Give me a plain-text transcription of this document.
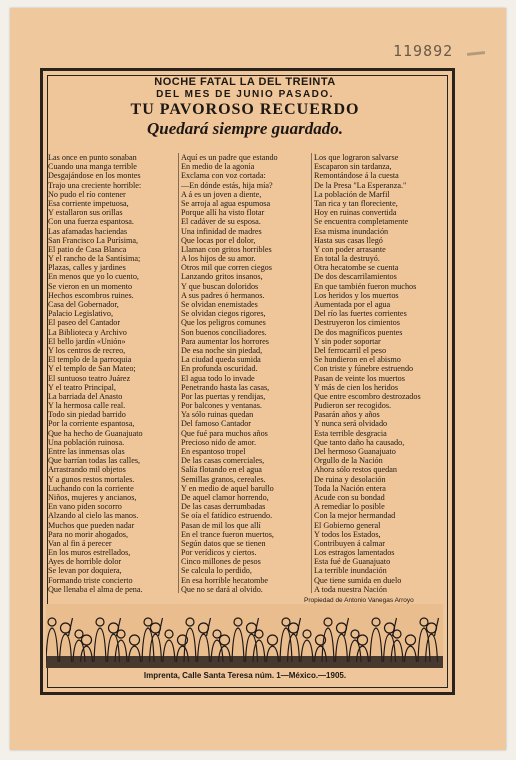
119892
NOCHE FATAL LA DEL TREINTA
DEL MES DE JUNIO PASADO.
TU PAVOROSO RECUERDO
Quedará siempre guardado.
Las once en punto sonaban
Cuando una manga terrible
Desgajándose en los montes
Trajo una creciente horrible:
No pudo el río contener
Esa corriente impetuosa,
Y estallaron sus orillas
Con una fuerza espantosa.
Las afamadas haciendas
San Francisco La Purísima,
El patio de Casa Blanca
Y el rancho de la Santísima;
Plazas, calles y jardines
En menos que yo lo cuento,
Se vieron en un momento
Hechos escombros ruines.
Casa del Gobernador,
Palacio Legislativo,
El paseo del Cantador
La Biblioteca y Archivo
El bello jardín «Unión»
Y los centros de recreo,
El templo de la parroquia
Y el templo de San Mateo;
El suntuoso teatro Juárez
Y el teatro Principal,
La barriada del Anasto
Y la hermosa calle real.
Todo sin piedad barrido
Por la corriente espantosa,
Que ha hecho de Guanajuato
Una población ruinosa.
Entre las inmensas olas
Que barrían todas las calles,
Arrastrando mil objetos
Y a gunos restos mortales.
Luchando con la corriente
Niños, mujeres y ancianos,
En vano piden socorro
Alzando al cielo las manos.
Muchos que pueden nadar
Para no morir ahogados,
Van al fin á perecer
En los muros estrellados,
Ayes de horrible dolor
Se levan por doquiera,
Formando triste concierto
Que llenaba el alma de pena.
Aquí es un padre que estando
En medio de la agonía
Exclama con voz cortada:
—En dónde estás, hija mía?
A á es un joven a diente,
Se arroja al agua espumosa
Porque allí ha visto flotar
El cadáver de su esposa.
Una infinidad de madres
Que locas por el dolor,
Llaman con gritos horribles
A los hijos de su amor.
Otros mil que corren ciegos
Lanzando gritos insanos,
Y que buscan doloridos
A sus padres ó hermanos.
Se olvidan enemistades
Se olvidan ciegos rigores,
Que los peligros comunes
Son buenos conciliadores.
Para aumentar los horrores
De esa noche sin piedad,
La ciudad queda sumida
En profunda oscuridad.
El agua todo lo invade
Penetrando hasta las casas,
Por las puertas y rendijas,
Por balcones y ventanas.
Ya sólo ruinas quedan
Del famoso Cantador
Que fué para muchos años
Precioso nido de amor.
En espantoso tropel
De las casas comerciales,
Salía flotando en el agua
Semillas granos, cereales.
Y en medio de aquel barullo
De aquel clamor horrendo,
De las casas derrumbadas
Se oía el fatídico estruendo.
Pasan de mil los que allí
En el trance fueron muertos,
Según datos que se tienen
Por verídicos y ciertos.
Cinco millones de pesos
Se calcula lo perdido,
En esa horrible hecatombe
Que no se dará al olvido.
Los que lograron salvarse
Escaparon sin tardanza,
Remontándose á la cuesta
De la Presa "La Esperanza."
La población de Marfil
Tan rica y tan floreciente,
Hoy en ruinas convertida
Se encuentra completamente
Esa misma inundación
Hasta sus casas llegó
Y con poder arrasante
En total la destruyó.
Otra hecatombe se cuenta
De dos descarrilamientos
En que también fueron muchos
Los heridos y los muertos
Aumentada por el agua
Del río las fuertes corrientes
Destruyeron los cimientos
De dos magníficos puentes
Y sin poder soportar
Del ferrocarril el peso
Se hundieron en el abismo
Con triste y fúnebre estruendo
Pasan de veinte los muertos
Y más de cien los heridos
Que entre escombro destrozados
Pudieron ser recogidos.
Pasarán años y años
Y nunca será olvidado
Esta terrible desgracia
Que tanto daño ha causado,
Del hermoso Guanajuato
Orgullo de la Nación
Ahora sólo restos quedan
De ruina y desolación
Toda la Nación entera
Acude con su bondad
A remediar lo posible
Con la mejor hermandad
El Gobierno general
Y todos los Estados,
Contribuyen á calmar
Los estragos lamentados
Esta fué de Guanajuato
La terrible inundación
Que tiene sumida en duelo
A toda nuestra Nación
Propiedad de Antonio Vanegas Arroyo
Imprenta, Calle Santa Teresa núm. 1—México.—1905.
